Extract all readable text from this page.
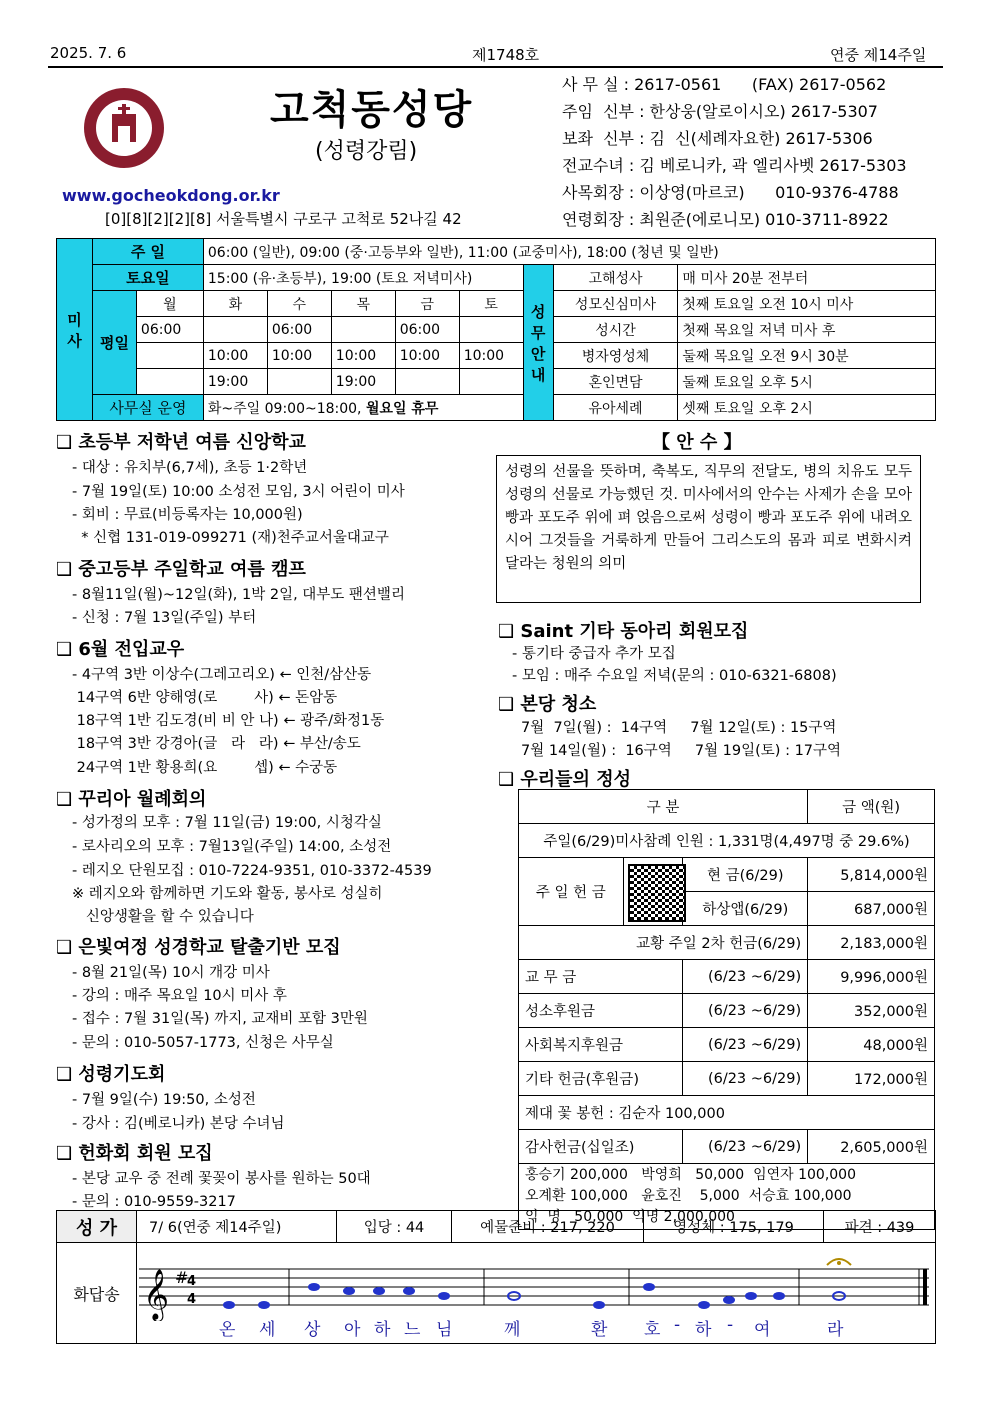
2025. 7. 6	제1748호	연중 제14주일
고척동성당
(성령강림)
www.gocheokdong.or.kr
[0][8][2][2][8] 서울특별시 구로구 고척로 52나길 42
사 무 실 : 2617-0561      (FAX) 2617-0562
주임  신부 : 한상웅(알로이시오) 2617-5307
보좌  신부 : 김  신(세례자요한) 2617-5306
전교수녀 : 김 베로니카, 곽 엘리사벳 2617-5303
사목회장 : 이상영(마르코)      010-9376-4788
연령회장 : 최원준(에로니모) 010-3711-8922
미사	주 일		06:00 (일반), 09:00 (중·고등부와 일반), 11:00 (교중미사), 18:00 (청년 및 일반)							
	토요일		15:00 (유·초등부), 19:00 (토요 저녁미사)					성무안내	고해성사	매 미사 20분 전부터
	평일	월	화	수	목	금	토		성모신심미사	첫째 토요일 오전 10시 미사
		06:00		06:00		06:00			성시간	첫째 목요일 저녁 미사 후
			10:00	10:00	10:00	10:00	10:00		병자영성체	둘째 목요일 오전 9시 30분
			19:00		19:00				혼인면담	둘째 토요일 오후 5시
	사무실 운영		화~주일 09:00~18:00, 월요일 휴무						유아세례	셋째 토요일 오후 2시
❑ 초등부 저학년 여름 신앙학교
- 대상 : 유치부(6,7세), 초등 1·2학년
- 7월 19일(토) 10:00 소성전 모임, 3시 어린이 미사
- 회비 : 무료(비등록자는 10,000원)
* 신협 131-019-099271 (재)천주교서울대교구
❑ 중고등부 주일학교 여름 캠프
- 8월11일(월)~12일(화), 1박 2일, 대부도 팬션밸리
- 신청 : 7월 13일(주일) 부터
❑ 6월 전입교우
- 4구역 3반 이상수(그레고리오) ← 인천/삼산동
14구역 6반 양해영(로        사) ← 돈암동
18구역 1반 김도경(비 비 안 나) ← 광주/화정1동
18구역 3반 강경아(글   라   라) ← 부산/송도
24구역 1반 황용희(요        셉) ← 수궁동
❑ 꾸리아 월례회의
- 성가정의 모후 : 7월 11일(금) 19:00, 시청각실
- 로사리오의 모후 : 7월13일(주일) 14:00, 소성전
- 레지오 단원모집 : 010-7224-9351, 010-3372-4539
※ 레지오와 함께하면 기도와 활동, 봉사로 성실히
신앙생활을 할 수 있습니다
❑ 은빛여정 성경학교 탈출기반 모집
- 8월 21일(목) 10시 개강 미사
- 강의 : 매주 목요일 10시 미사 후
- 접수 : 7월 31일(목) 까지, 교재비 포함 3만원
- 문의 : 010-5057-1773, 신청은 사무실
❑ 성령기도회
- 7월 9일(수) 19:50, 소성전
- 강사 : 김(베로니카) 본당 수녀님
❑ 헌화회 회원 모집
- 본당 교우 중 전례 꽃꽂이 봉사를 원하는 50대
- 문의 : 010-9559-3217
【 안 수 】
성령의 선물을 뜻하며, 축복도, 직무의 전달도, 병의 치유도 모두 성령의 선물로 가능했던 것. 미사에서의 안수는 사제가 손을 모아 빵과 포도주 위에 펴 얹음으로써 성령이 빵과 포도주 위에 내려오시어 그것들을 거룩하게 만들어 그리스도의 몸과 피로 변화시켜 달라는 청원의 의미
❑ Saint 기타 동아리 회원모집
- 통기타 중급자 추가 모집
- 모임 : 매주 수요일 저녁(문의 : 010-6321-6808)
❑ 본당 청소
7월  7일(월) :  14구역     7월 12일(토) : 15구역
7월 14일(월) :  16구역     7월 19일(토) : 17구역
❑ 우리들의 정성
구 분			금 액(원)
주일(6/29)미사참례 인원 : 1,331명(4,497명 중 29.6%)			
주 일 헌 금		현 금(6/29)	5,814,000원
		하상앱(6/29)	687,000원
교황 주일 2차 헌금(6/29)			2,183,000원
교 무 금		(6/23 ~6/29)	9,996,000원
성소후원금		(6/23 ~6/29)	352,000원
사회복지후원금		(6/23 ~6/29)	48,000원
기타 헌금(후원금)		(6/23 ~6/29)	172,000원
제대 꽃 봉헌 : 김순자 100,000			
감사헌금(십일조)		(6/23 ~6/29)	2,605,000원

홍승기 200,000   박영희   50,000  임연자 100,000
오계환 100,000   윤호진    5,000  서승효 100,000
익  명   50,000  익명 2,000,000			
성 가	7/ 6(연중 제14주일)	입당 : 44	예물준비 : 217, 220	영성체 : 175, 179	파견 : 439
화답송 𝄞 #
4
4
온 세 상 아 하 느 님	께	환 호 - 하 - 여	라
